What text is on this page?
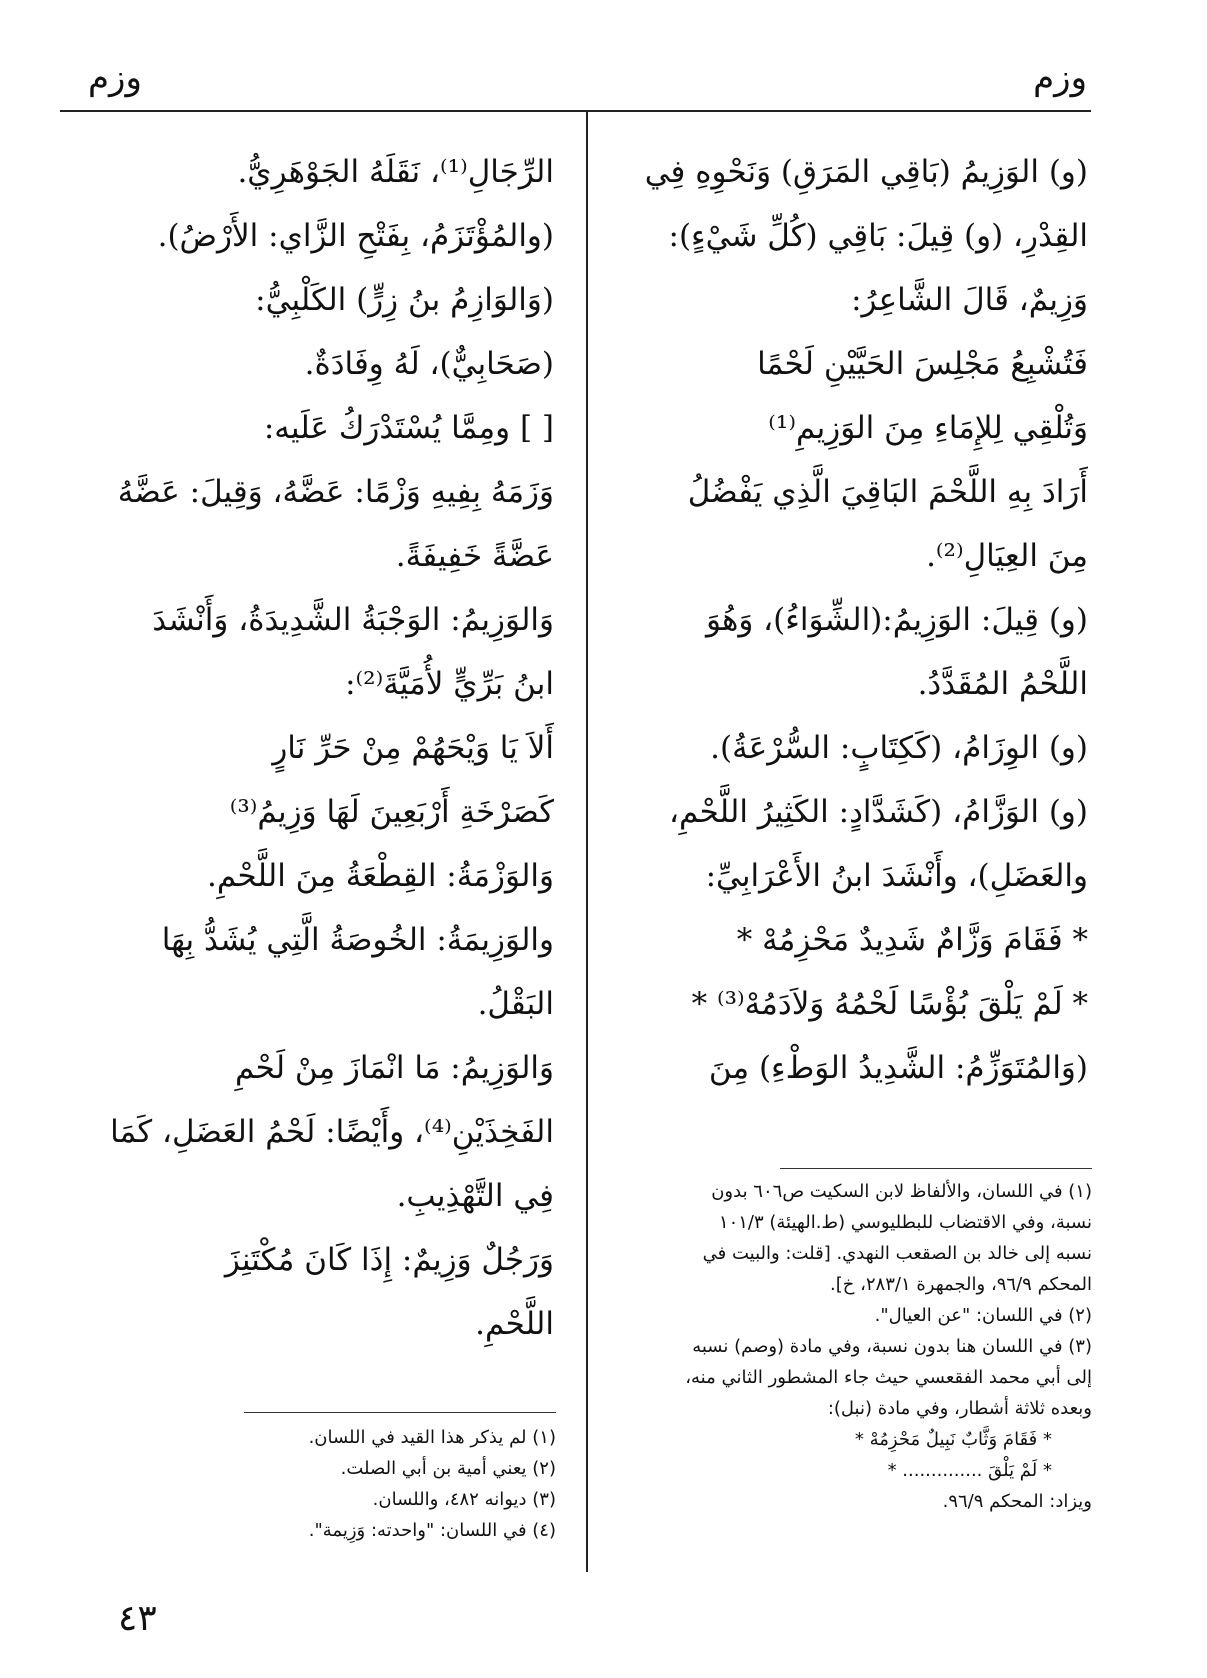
وزم
وزم
(و) الوَزِيمُ (بَاقِي المَرَقِ) وَنَحْوِهِ فِي
القِدْرِ، (و) قِيلَ: بَاقِي (كُلِّ شَيْءٍ):
وَزِيمٌ، قَالَ الشَّاعِرُ:
فَتُشْبِعُ مَجْلِسَ الحَيَّيْنِ لَحْمًا
وَتُلْقِي لِلإِمَاءِ مِنَ الوَزِيمِ⁽¹⁾
أَرَادَ بِهِ اللَّحْمَ البَاقِيَ الَّذِي يَفْضُلُ
مِنَ العِيَالِ⁽²⁾.
(و) قِيلَ: الوَزِيمُ:(الشِّوَاءُ)، وَهُوَ
اللَّحْمُ المُقَدَّدُ.
(و) الوِزَامُ، (كَكِتَابٍ: السُّرْعَةُ).
(و) الوَزَّامُ، (كَشَدَّادٍ: الكَثِيرُ اللَّحْمِ،
والعَضَلِ)، وأَنْشَدَ ابنُ الأَعْرَابِيِّ:
* فَقَامَ وَزَّامٌ شَدِيدٌ مَحْزِمُهْ *
* لَمْ يَلْقَ بُؤْسًا لَحْمُهُ وَلاَدَمُهْ⁽³⁾ *
(وَالمُتَوَزِّمُ: الشَّدِيدُ الوَطْءِ) مِنَ
الرِّجَالِ⁽¹⁾، نَقَلَهُ الجَوْهَرِيُّ.
(والمُؤْتَزَمُ، بِفَتْحِ الزَّاي: الأَرْضُ).
(وَالوَازِمُ بنُ زِرٍّ) الكَلْبِيُّ:
(صَحَابِيٌّ)، لَهُ وِفَادَةٌ.
[ ] ومِمَّا يُسْتَدْرَكُ عَلَيه:
وَزَمَهُ بِفِيهِ وَزْمًا: عَضَّهُ، وَقِيلَ: عَضَّهُ
عَضَّةً خَفِيفَةً.
وَالوَزِيمُ: الوَجْبَةُ الشَّدِيدَةُ، وَأَنْشَدَ
ابنُ بَرِّيٍّ لأُمَيَّةَ⁽²⁾:
أَلاَ يَا وَيْحَهُمْ مِنْ حَرِّ نَارٍ
كَصَرْخَةِ أَرْبَعِينَ لَهَا وَزِيمُ⁽³⁾
وَالوَزْمَةُ: القِطْعَةُ مِنَ اللَّحْمِ.
والوَزِيمَةُ: الخُوصَةُ الَّتِي يُشَدُّ بِهَا
البَقْلُ.
وَالوَزِيمُ: مَا انْمَازَ مِنْ لَحْمِ
الفَخِذَيْنِ⁽⁴⁾، وأَيْضًا: لَحْمُ العَضَلِ، كَمَا
فِي التَّهْذِيبِ.
وَرَجُلٌ وَزِيمٌ: إِذَا كَانَ مُكْتَنِزَ
اللَّحْمِ.
(١) في اللسان، والألفاظ لابن السكيت ص٦٠٦ بدون
نسبة، وفي الاقتضاب للبطليوسي (ط.الهيئة) ١٠١/٣
نسبه إلى خالد بن الصقعب النهدي. [قلت: والبيت في
المحكم ٩٦/٩، والجمهرة ٢٨٣/١، خ].
(٢) في اللسان: "عن العيال".
(٣) في اللسان هنا بدون نسبة، وفي مادة (وصم) نسبه
إلى أبي محمد الفقعسي حيث جاء المشطور الثاني منه،
وبعده ثلاثة أشطار، وفي مادة (نبل):
* فَقَامَ وَثَّابٌ نَبِيلٌ مَحْزِمُهْ *
* لَمْ يَلْقَ .............. *
ويزاد: المحكم ٩٦/٩.
(١) لم يذكر هذا القيد في اللسان.
(٢) يعني أمية بن أبي الصلت.
(٣) ديوانه ٤٨٢، واللسان.
(٤) في اللسان: "واحدته: وَزِيمة".
٤٣
